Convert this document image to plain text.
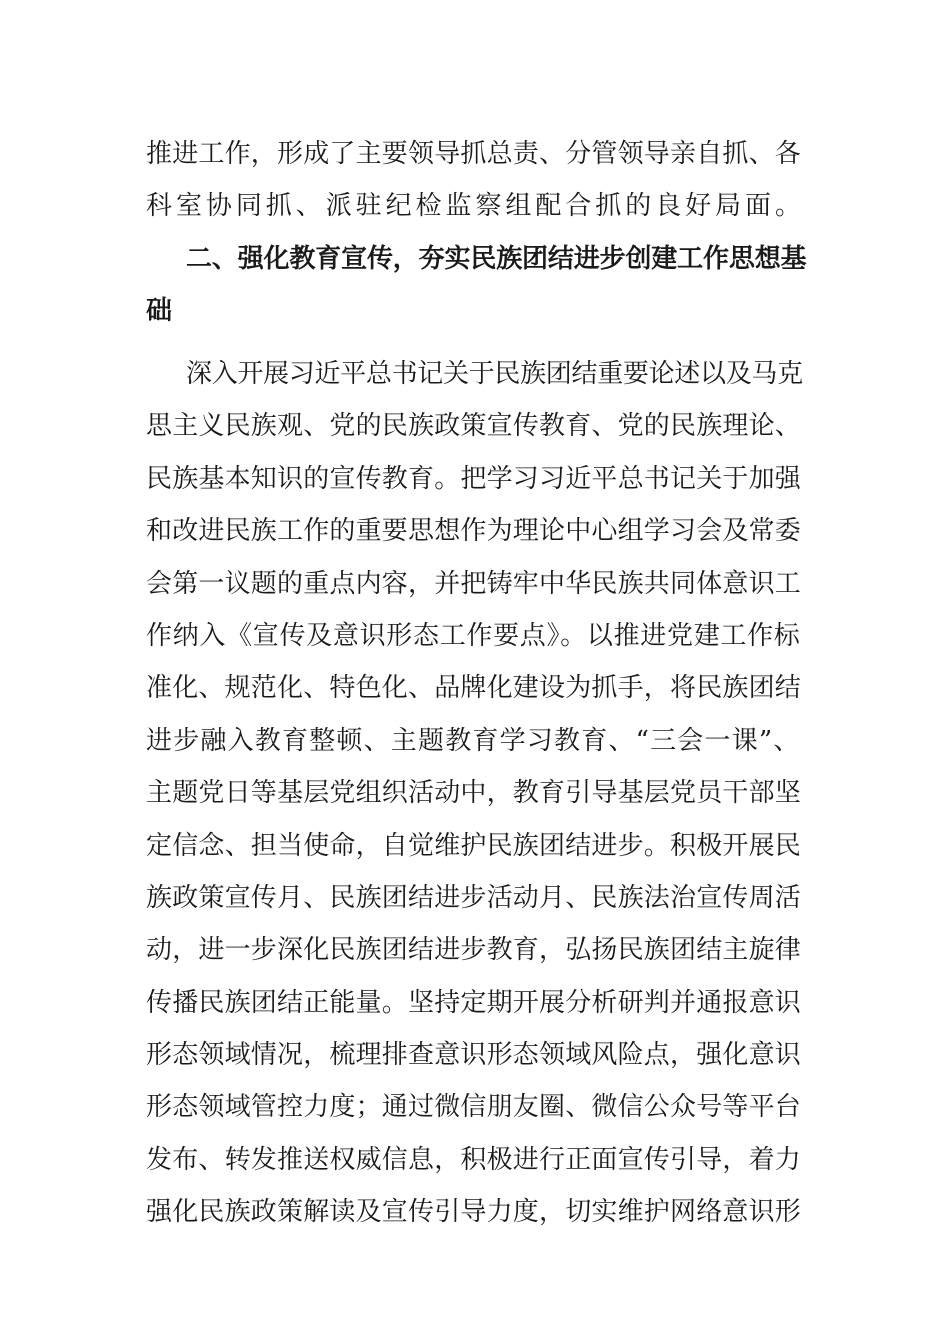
推进工作，形成了主要领导抓总责、分管领导亲自抓、各
科室协同抓、派驻纪检监察组配合抓的良好局面。
二、强化教育宣传，夯实民族团结进步创建工作思想基
础
深入开展习近平总书记关于民族团结重要论述以及马克
思主义民族观、党的民族政策宣传教育、党的民族理论、
民族基本知识的宣传教育。把学习习近平总书记关于加强
和改进民族工作的重要思想作为理论中心组学习会及常委
会第一议题的重点内容，并把铸牢中华民族共同体意识工
作纳入《宣传及意识形态工作要点》。以推进党建工作标
准化、规范化、特色化、品牌化建设为抓手，将民族团结
进步融入教育整顿、主题教育学习教育、“三会一课”、
主题党日等基层党组织活动中，教育引导基层党员干部坚
定信念、担当使命，自觉维护民族团结进步。积极开展民
族政策宣传月、民族团结进步活动月、民族法治宣传周活
动，进一步深化民族团结进步教育，弘扬民族团结主旋律
传播民族团结正能量。坚持定期开展分析研判并通报意识
形态领域情况，梳理排查意识形态领域风险点，强化意识
形态领域管控力度；通过微信朋友圈、微信公众号等平台
发布、转发推送权威信息，积极进行正面宣传引导，着力
强化民族政策解读及宣传引导力度，切实维护网络意识形
